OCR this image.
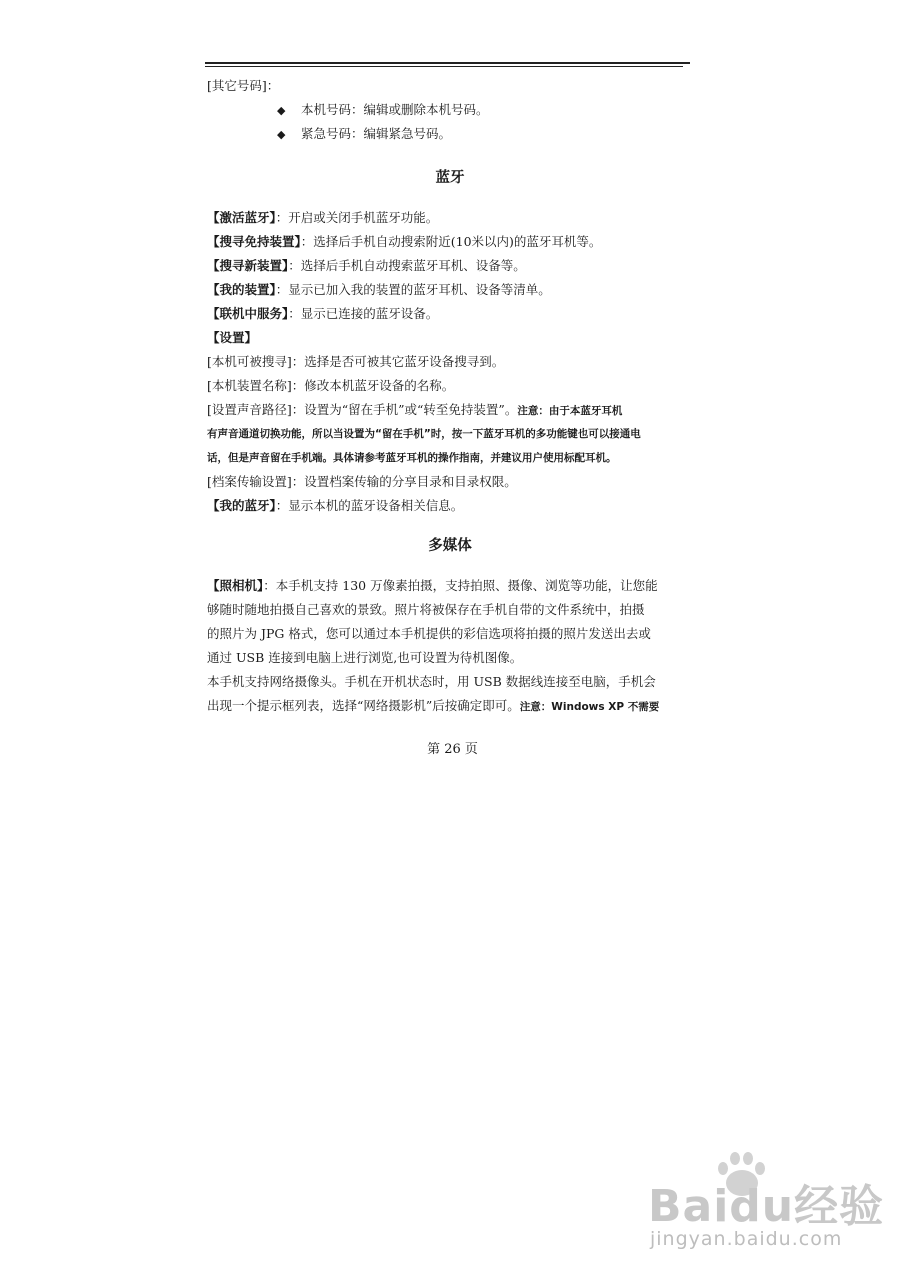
[其它号码]：
◆ 本机号码：编辑或删除本机号码。
◆ 紧急号码：编辑紧急号码。
蓝牙
【激活蓝牙】：开启或关闭手机蓝牙功能。
【搜寻免持装置】：选择后手机自动搜索附近(10米以内)的蓝牙耳机等。
【搜寻新装置】：选择后手机自动搜索蓝牙耳机、设备等。
【我的装置】：显示已加入我的装置的蓝牙耳机、设备等清单。
【联机中服务】：显示已连接的蓝牙设备。
【设置】
[本机可被搜寻]：选择是否可被其它蓝牙设备搜寻到。
[本机装置名称]：修改本机蓝牙设备的名称。
[设置声音路径]：设置为“留在手机”或“转至免持装置”。注意：由于本蓝牙耳机
有声音通道切换功能，所以当设置为“留在手机”时，按一下蓝牙耳机的多功能键也可以接通电
话，但是声音留在手机端。具体请参考蓝牙耳机的操作指南，并建议用户使用标配耳机。
[档案传输设置]：设置档案传输的分享目录和目录权限。
【我的蓝牙】：显示本机的蓝牙设备相关信息。
多媒体
【照相机】：本手机支持 130 万像素拍摄，支持拍照、摄像、浏览等功能，让您能
够随时随地拍摄自己喜欢的景致。照片将被保存在手机自带的文件系统中，拍摄
的照片为 JPG 格式，您可以通过本手机提供的彩信选项将拍摄的照片发送出去或
通过 USB 连接到电脑上进行浏览,也可设置为待机图像。
本手机支持网络摄像头。手机在开机状态时，用 USB 数据线连接至电脑，手机会
出现一个提示框列表，选择“网络摄影机”后按确定即可。注意：Windows XP 不需要
第 26 页
Baidu经验
jingyan.baidu.com
